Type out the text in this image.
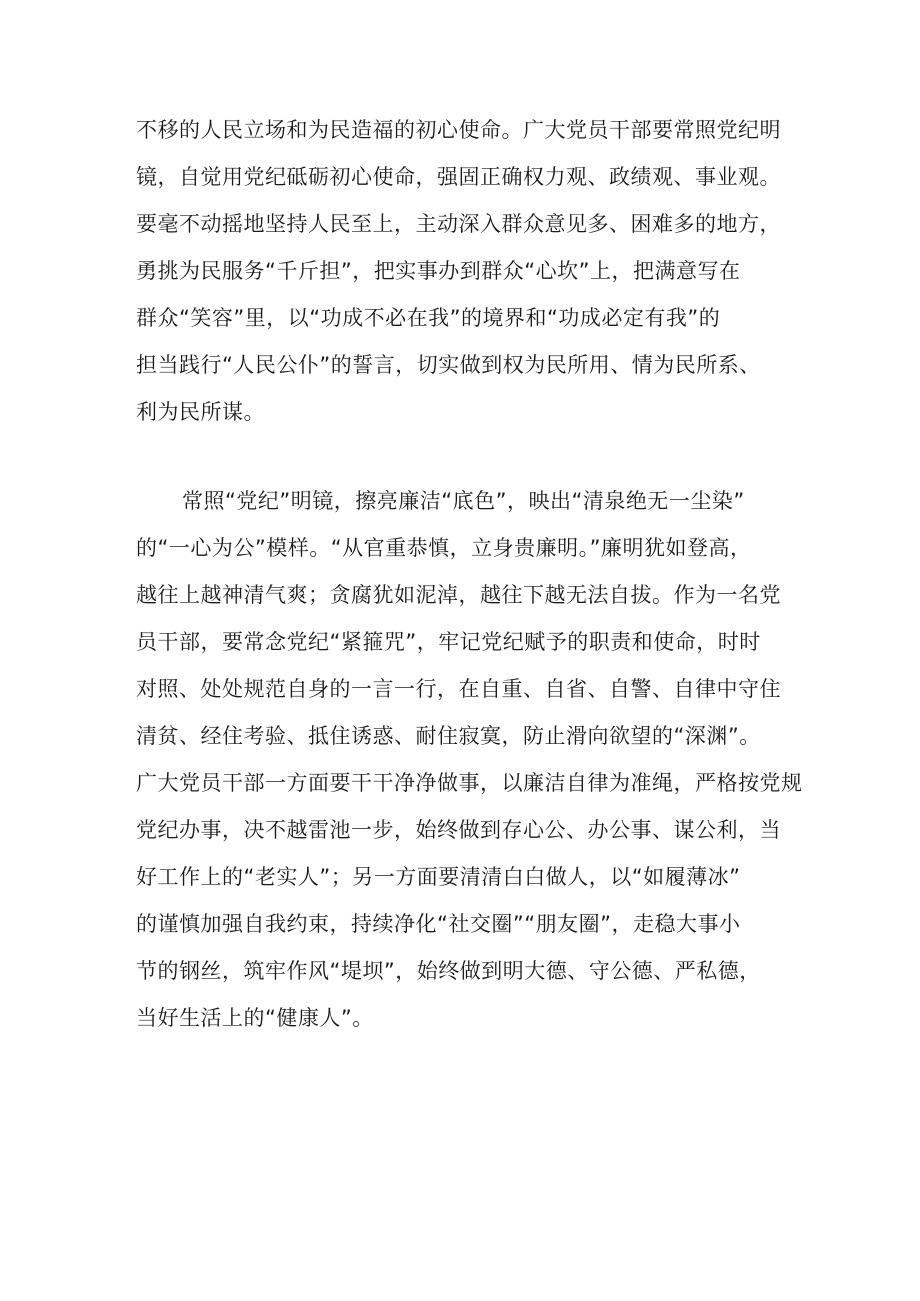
不移的人民立场和为民造福的初心使命。广大党员干部要常照党纪明
镜，自觉用党纪砥砺初心使命，强固正确权力观、政绩观、事业观。
要毫不动摇地坚持人民至上，主动深入群众意见多、困难多的地方，
勇挑为民服务“千斤担”，把实事办到群众“心坎”上，把满意写在
群众“笑容”里，以“功成不必在我”的境界和“功成必定有我”的
担当践行“人民公仆”的誓言，切实做到权为民所用、情为民所系、
利为民所谋。
常照“党纪”明镜，擦亮廉洁“底色”，映出“清泉绝无一尘染”
的“一心为公”模样。“从官重恭慎，立身贵廉明。”廉明犹如登高，
越往上越神清气爽；贪腐犹如泥淖，越往下越无法自拔。作为一名党
员干部，要常念党纪“紧箍咒”，牢记党纪赋予的职责和使命，时时
对照、处处规范自身的一言一行，在自重、自省、自警、自律中守住
清贫、经住考验、抵住诱惑、耐住寂寞，防止滑向欲望的“深渊”。
广大党员干部一方面要干干净净做事，以廉洁自律为准绳，严格按党规
党纪办事，决不越雷池一步，始终做到存心公、办公事、谋公利，当
好工作上的“老实人”；另一方面要清清白白做人，以“如履薄冰”
的谨慎加强自我约束，持续净化“社交圈”“朋友圈”，走稳大事小
节的钢丝，筑牢作风“堤坝”，始终做到明大德、守公德、严私德，
当好生活上的“健康人”。
